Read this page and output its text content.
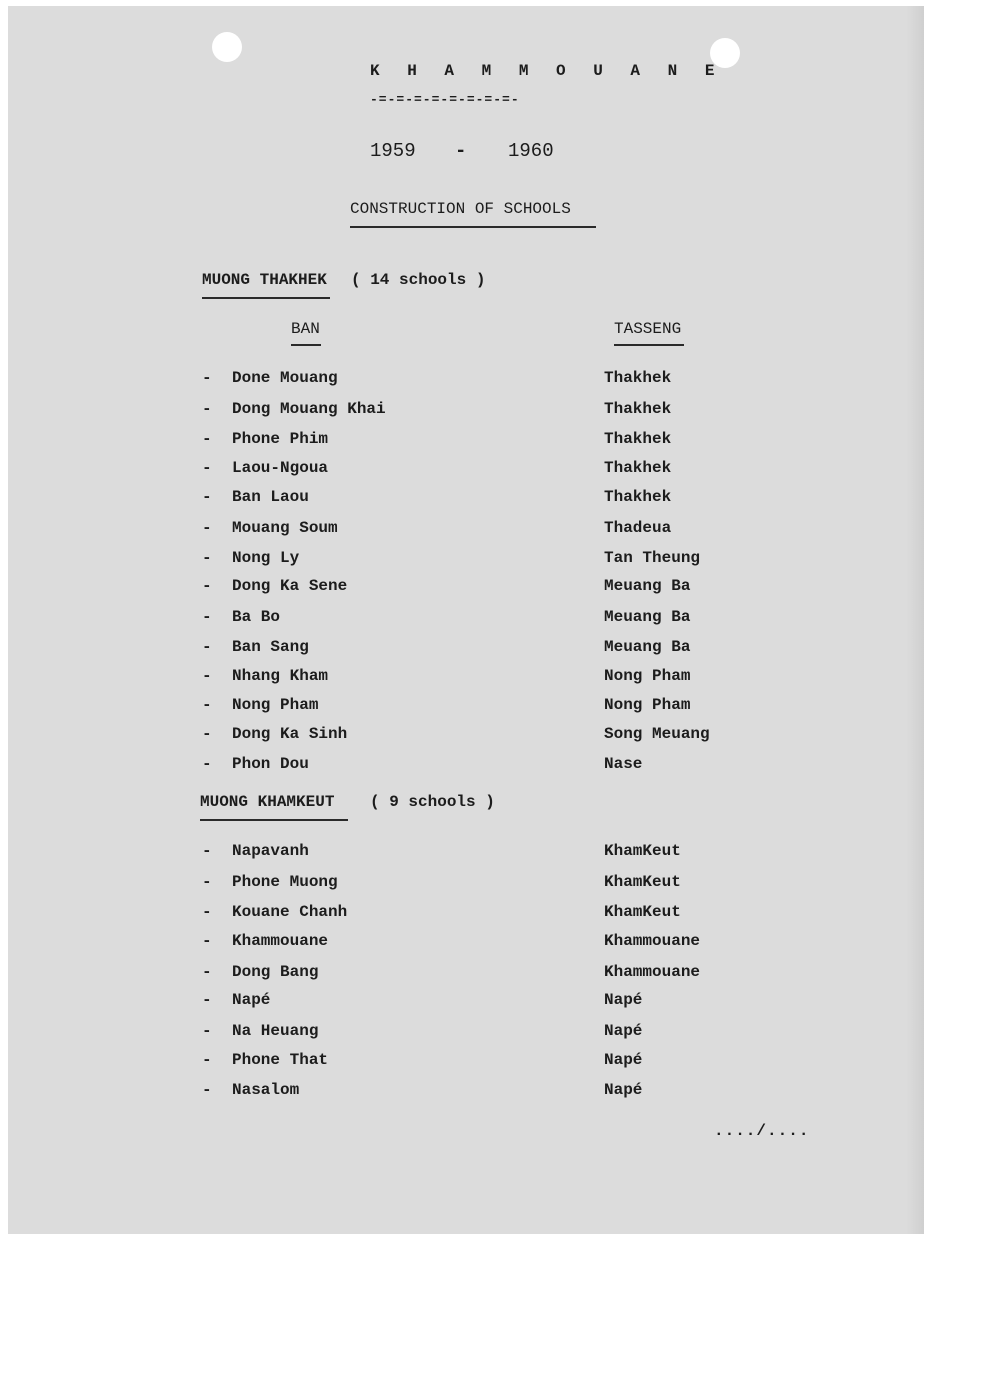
K H A M M O U A N E
-=-=-=-=-=-=-=-=-
1959 - 1960
CONSTRUCTION OF SCHOOLS
MUONG THAKHEK ( 14 schools )
BAN	TASSENG
- Done Mouang	Thakhek
- Dong Mouang Khai	Thakhek
- Phone Phim	Thakhek
- Laou-Ngoua	Thakhek
- Ban Laou	Thakhek
- Mouang Soum	Thadeua
- Nong Ly	Tan Theung
- Dong Ka Sene	Meuang Ba
- Ba Bo	Meuang Ba
- Ban Sang	Meuang Ba
- Nhang Kham	Nong Pham
- Nong Pham	Nong Pham
- Dong Ka Sinh	Song Meuang
- Phon Dou	Nase
MUONG KHAMKEUT	( 9 schools )
- Napavanh	KhamKeut
- Phone Muong	KhamKeut
- Kouane Chanh	KhamKeut
- Khammouane	Khammouane
- Dong Bang	Khammouane
- Napé	Napé
- Na Heuang	Napé
- Phone That	Napé
- Nasalom	Napé
..../....
